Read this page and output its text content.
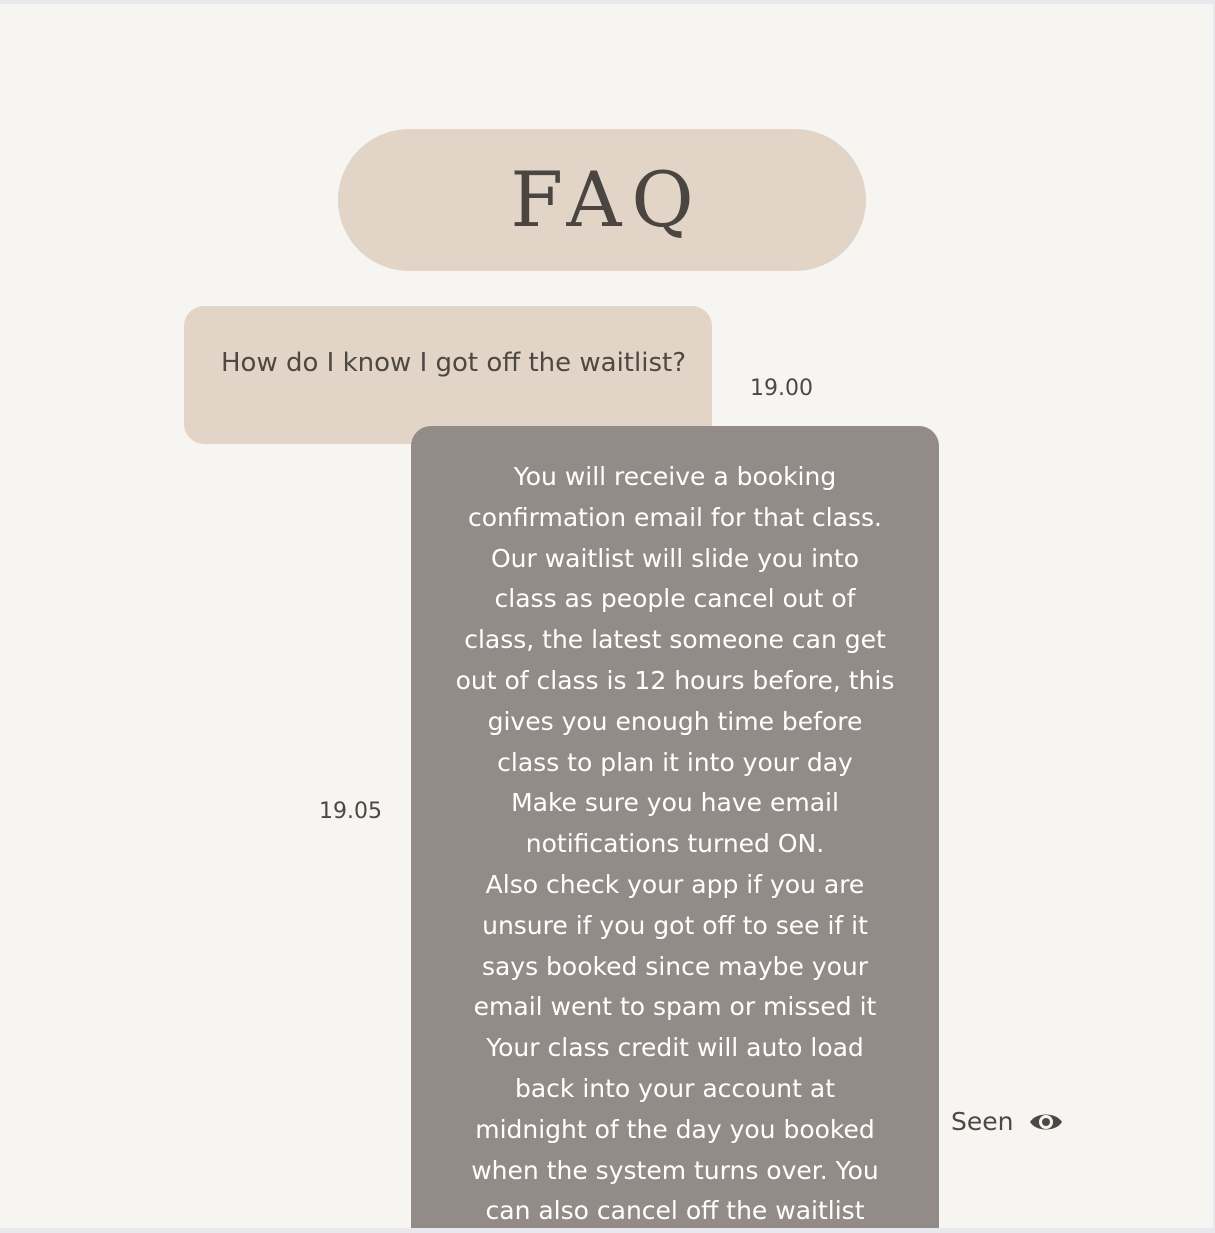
FAQ
How do I know I got off the waitlist?
19.00
19.05

You will receive a booking
confirmation email for that class.
Our waitlist will slide you into
class as people cancel out of
class, the latest someone can get
out of class is 12 hours before, this
gives you enough time before
class to plan it into your day
Make sure you have email
notifications turned ON.
Also check your app if you are
unsure if you got off to see if it
says booked since maybe your
email went to spam or missed it
Your class credit will auto load
back into your account at
midnight of the day you booked
when the system turns over. You
can also cancel off the waitlist

Seen
